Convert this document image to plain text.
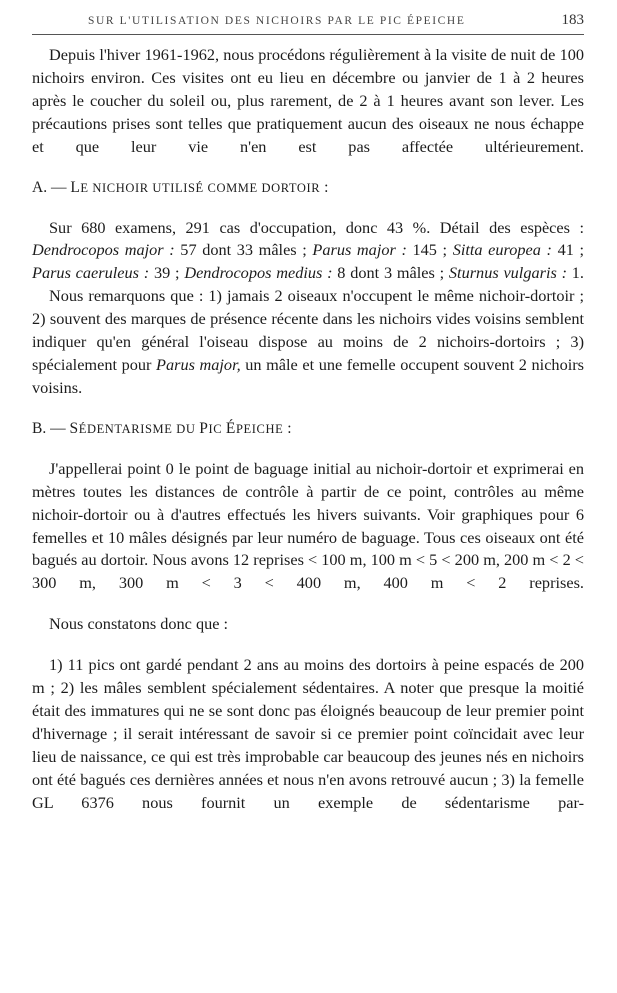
SUR L'UTILISATION DES NICHOIRS PAR LE PIC ÉPEICHE	183

Depuis l'hiver 1961-1962, nous procédons régulièrement à la visite de nuit de 100 nichoirs environ. Ces visites ont eu lieu en décembre ou janvier de 1 à 2 heures après le coucher du soleil ou, plus rarement, de 2 à 1 heures avant son lever. Les précautions prises sont telles que pratiquement aucun des oiseaux ne nous échappe et que leur vie n'en est pas affectée ultérieurement.

A. — LE NICHOIR UTILISÉ COMME DORTOIR :

Sur 680 examens, 291 cas d'occupation, donc 43 %. Détail des espèces : Dendrocopos major : 57 dont 33 mâles ; Parus major : 145 ; Sitta europea : 41 ; Parus caeruleus : 39 ; Dendrocopos medius : 8 dont 3 mâles ; Sturnus vulgaris : 1.

Nous remarquons que : 1) jamais 2 oiseaux n'occupent le même nichoir-dortoir ; 2) souvent des marques de présence récente dans les nichoirs vides voisins semblent indiquer qu'en général l'oiseau dispose au moins de 2 nichoirs-dortoirs ; 3) spécialement pour Parus major, un mâle et une femelle occupent souvent 2 nichoirs voisins.

B. — SÉDENTARISME DU PIC ÉPEICHE :

J'appellerai point 0 le point de baguage initial au nichoir-dortoir et exprimerai en mètres toutes les distances de contrôle à partir de ce point, contrôles au même nichoir-dortoir ou à d'autres effectués les hivers suivants. Voir graphiques pour 6 femelles et 10 mâles désignés par leur numéro de baguage. Tous ces oiseaux ont été bagués au dortoir. Nous avons 12 reprises < 100 m, 100 m < 5 < 200 m, 200 m < 2 < 300 m, 300 m < 3 < 400 m, 400 m < 2 reprises.

Nous constatons donc que :

1) 11 pics ont gardé pendant 2 ans au moins des dortoirs à peine espacés de 200 m ; 2) les mâles semblent spécialement sédentaires. A noter que presque la moitié était des immatures qui ne se sont donc pas éloignés beaucoup de leur premier point d'hivernage ; il serait intéressant de savoir si ce premier point coïncidait avec leur lieu de naissance, ce qui est très improbable car beaucoup des jeunes nés en nichoirs ont été bagués ces dernières années et nous n'en avons retrouvé aucun ; 3) la femelle GL 6376 nous fournit un exemple de sédentarisme par-
